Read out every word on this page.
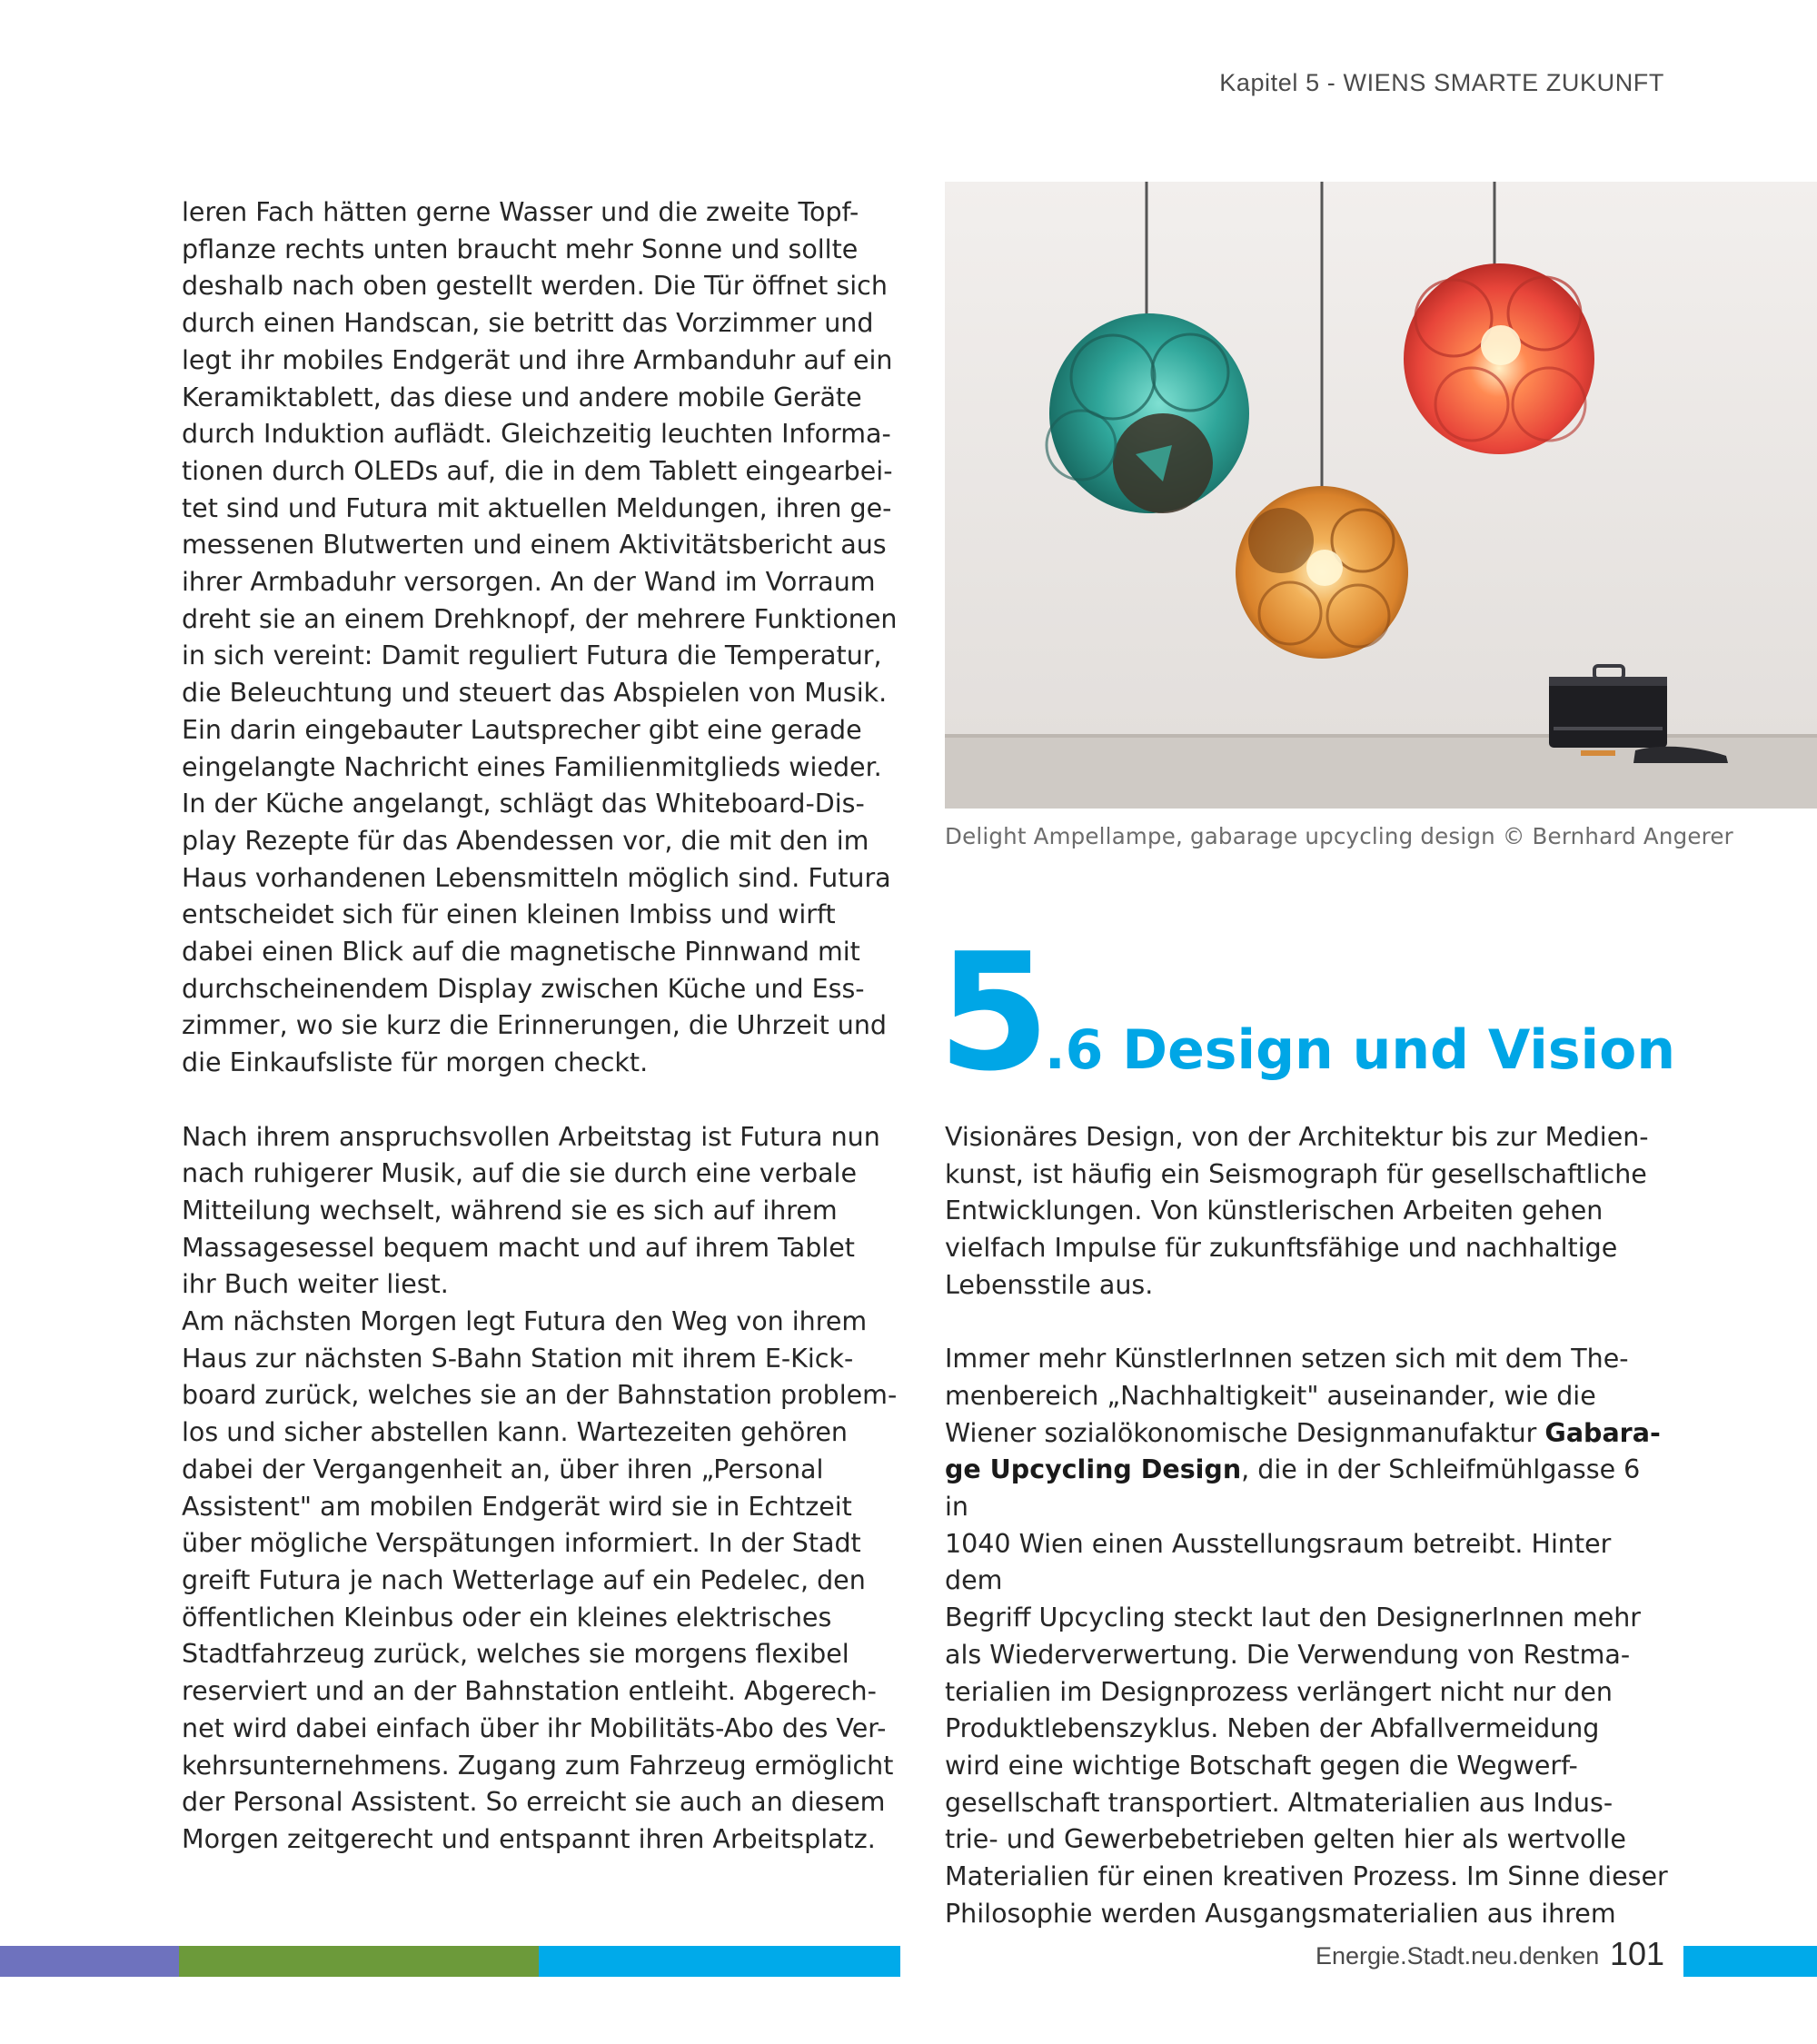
Kapitel 5 - WIENS SMARTE ZUKUNFT

leren Fach hätten gerne Wasser und die zweite Topf-
pflanze rechts unten braucht mehr Sonne und sollte
deshalb nach oben gestellt werden. Die Tür öffnet sich
durch einen Handscan, sie betritt das Vorzimmer und
legt ihr mobiles Endgerät und ihre Armbanduhr auf ein
Keramiktablett, das diese und andere mobile Geräte
durch Induktion auflädt. Gleichzeitig leuchten Informa-
tionen durch OLEDs auf, die in dem Tablett eingearbei-
tet sind und Futura mit aktuellen Meldungen, ihren ge-
messenen Blutwerten und einem Aktivitätsbericht aus
ihrer Armbaduhr versorgen. An der Wand im Vorraum
dreht sie an einem Drehknopf, der mehrere Funktionen
in sich vereint: Damit reguliert Futura die Temperatur,
die Beleuchtung und steuert das Abspielen von Musik.
Ein darin eingebauter Lautsprecher gibt eine gerade
eingelangte Nachricht eines Familienmitglieds wieder.
In der Küche angelangt, schlägt das Whiteboard-Dis-
play Rezepte für das Abendessen vor, die mit den im
Haus vorhandenen Lebensmitteln möglich sind. Futura
entscheidet sich für einen kleinen Imbiss und wirft
dabei einen Blick auf die magnetische Pinnwand mit
durchscheinendem Display zwischen Küche und Ess-
zimmer, wo sie kurz die Erinnerungen, die Uhrzeit und
die Einkaufsliste für morgen checkt.

Nach ihrem anspruchsvollen Arbeitstag ist Futura nun
nach ruhigerer Musik, auf die sie durch eine verbale
Mitteilung wechselt, während sie es sich auf ihrem
Massagesessel bequem macht und auf ihrem Tablet
ihr Buch weiter liest.

Am nächsten Morgen legt Futura den Weg von ihrem
Haus zur nächsten S-Bahn Station mit ihrem E-Kick-
board zurück, welches sie an der Bahnstation problem-
los und sicher abstellen kann. Wartezeiten gehören
dabei der Vergangenheit an, über ihren „Personal
Assistent" am mobilen Endgerät wird sie in Echtzeit
über mögliche Verspätungen informiert. In der Stadt
greift Futura je nach Wetterlage auf ein Pedelec, den
öffentlichen Kleinbus oder ein kleines elektrisches
Stadtfahrzeug zurück, welches sie morgens flexibel
reserviert und an der Bahnstation entleiht. Abgerech-
net wird dabei einfach über ihr Mobilitäts-Abo des Ver-
kehrsunternehmens. Zugang zum Fahrzeug ermöglicht
der Personal Assistent. So erreicht sie auch an diesem
Morgen zeitgerecht und entspannt ihren Arbeitsplatz.

Delight Ampellampe, gabarage upcycling design © Bernhard Angerer
5.6 Design und Vision

Visionäres Design, von der Architektur bis zur Medien-
kunst, ist häufig ein Seismograph für gesellschaftliche
Entwicklungen. Von künstlerischen Arbeiten gehen
vielfach Impulse für zukunftsfähige und nachhaltige
Lebensstile aus.

Immer mehr KünstlerInnen setzen sich mit dem The-
menbereich „Nachhaltigkeit" auseinander, wie die
Wiener sozialökonomische Designmanufaktur Gabara-
ge Upcycling Design, die in der Schleifmühlgasse 6 in
1040 Wien einen Ausstellungsraum betreibt. Hinter dem
Begriff Upcycling steckt laut den DesignerInnen mehr
als Wiederverwertung. Die Verwendung von Restma-
terialien im Designprozess verlängert nicht nur den
Produktlebenszyklus. Neben der Abfallvermeidung
wird eine wichtige Botschaft gegen die Wegwerf-
gesellschaft transportiert. Altmaterialien aus Indus-
trie- und Gewerbebetrieben gelten hier als wertvolle
Materialien für einen kreativen Prozess. Im Sinne dieser
Philosophie werden Ausgangsmaterialien aus ihrem

Energie.Stadt.neu.denken 101
